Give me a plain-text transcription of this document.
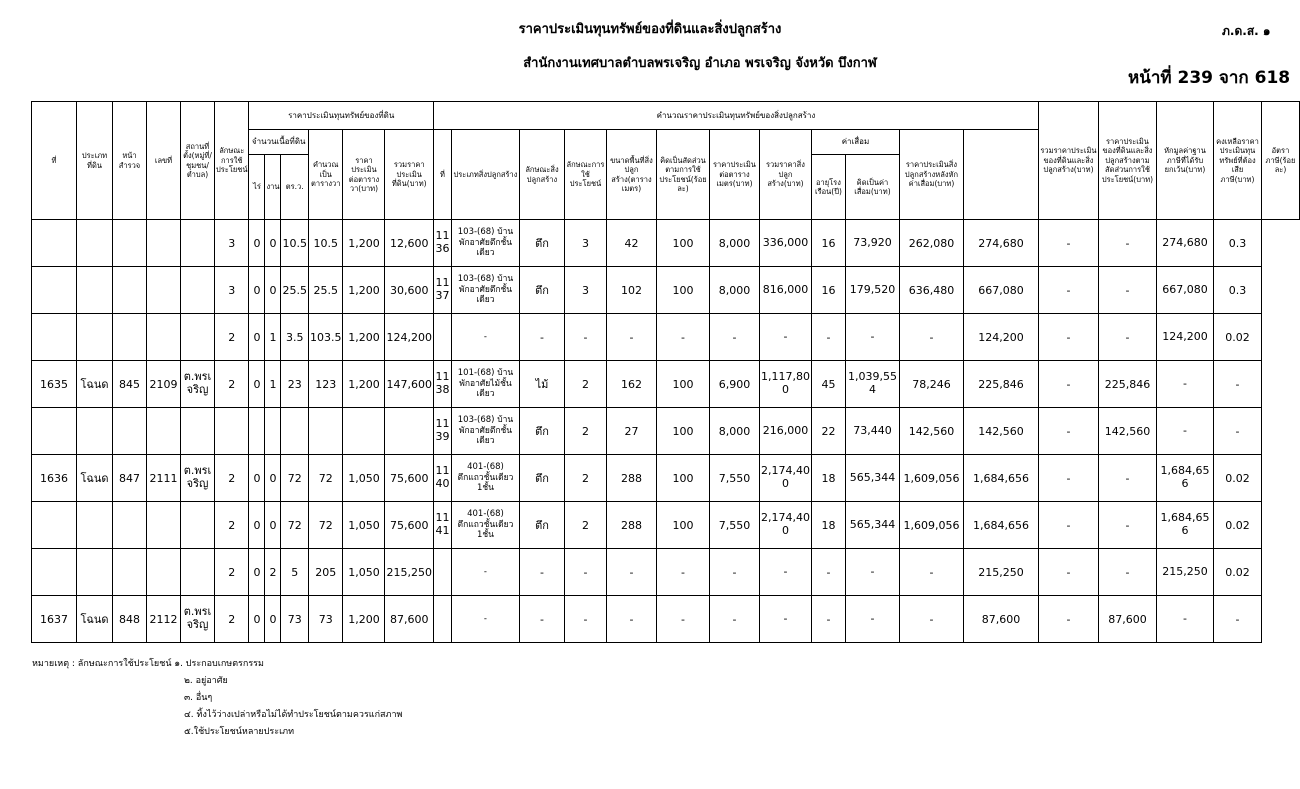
ราคาประเมินทุนทรัพย์ของที่ดินและสิ่งปลูกสร้าง
สำนักงานเทศบาลตำบลพรเจริญ อำเภอ พรเจริญ จังหวัด บึงกาฬ
ภ.ด.ส. ๑
หน้าที่ 239 จาก 618
ที่	ประเภทที่ดิน	หน้าสำรวจ	เลขที่	สถานที่ตั้ง(หมู่ที่/ชุมชน/ตำบล)	ลักษณะการใช้ประโยชน์	ราคาประเมินทุนทรัพย์ของที่ดิน						คำนวณราคาประเมินทุนทรัพย์ของสิ่งปลูกสร้าง												รวมราคาประเมินของที่ดินและสิ่งปลูกสร้าง(บาท)	ราคาประเมินของที่ดินและสิ่งปลูกสร้างตามสัดส่วนการใช้ประโยชน์(บาท)	หักมูลค่าฐานภาษีที่ได้รับยกเว้น(บาท)	คงเหลือราคาประเมินทุนทรัพย์ที่ต้องเสียภาษี(บาท)	อัตราภาษี(ร้อยละ)
						จำนวนเนื้อที่ดิน			คำนวณเป็นตารางวา	ราคาประเมินต่อตารางวา(บาท)	รวมราคาประเมินที่ดิน(บาท)	ที่	ประเภทสิ่งปลูกสร้าง	ลักษณะสิ่งปลูกสร้าง	ลักษณะการใช้ประโยชน์	ขนาดพื้นที่สิ่งปลูกสร้าง(ตารางเมตร)	คิดเป็นสัดส่วนตามการใช้ประโยชน์(ร้อยละ)	ราคาประเมินต่อตารางเมตร(บาท)	รวมราคาสิ่งปลูกสร้าง(บาท)	ค่าเสื่อม		ราคาประเมินสิ่งปลูกสร้างหลังหักค่าเสื่อม(บาท)						
						ไร่	งาน	ตร.ว.												อายุโรงเรือน(ปี)	คิดเป็นค่าเสื่อม(บาท)							
					3	0	0	10.5	10.5	1,200	12,600	1136	103-(68) บ้านพักอาศัยตึกชั้นเดียว	ตึก	3	42	100	8,000	336,000	16	73,920	262,080	274,680	-	-	274,680	0.3	
					3	0	0	25.5	25.5	1,200	30,600	1137	103-(68) บ้านพักอาศัยตึกชั้นเดียว	ตึก	3	102	100	8,000	816,000	16	179,520	636,480	667,080	-	-	667,080	0.3	
					2	0	1	3.5	103.5	1,200	124,200		-	-	-	-	-	-	-	-	-	-	124,200	-	-	124,200	0.02	
1635	โฉนด	845	2109	ต.พรเจริญ	2	0	1	23	123	1,200	147,600	1138	101-(68) บ้านพักอาศัยไม้ชั้นเดียว	ไม้	2	162	100	6,900	1,117,800	45	1,039,554	78,246	225,846	-	225,846	-	-	
												1139	103-(68) บ้านพักอาศัยตึกชั้นเดียว	ตึก	2	27	100	8,000	216,000	22	73,440	142,560	142,560	-	142,560	-	-	
1636	โฉนด	847	2111	ต.พรเจริญ	2	0	0	72	72	1,050	75,600	1140	401-(68) ตึกแถวชั้นเดียว 1ชั้น	ตึก	2	288	100	7,550	2,174,400	18	565,344	1,609,056	1,684,656	-	-	1,684,656	0.02	
					2	0	0	72	72	1,050	75,600	1141	401-(68) ตึกแถวชั้นเดียว 1ชั้น	ตึก	2	288	100	7,550	2,174,400	18	565,344	1,609,056	1,684,656	-	-	1,684,656	0.02	
					2	0	2	5	205	1,050	215,250		-	-	-	-	-	-	-	-	-	-	215,250	-	-	215,250	0.02	
1637	โฉนด	848	2112	ต.พรเจริญ	2	0	0	73	73	1,200	87,600		-	-	-	-	-	-	-	-	-	-	87,600	-	87,600	-	-	
หมายเหตุ : ลักษณะการใช้ประโยชน์ ๑. ประกอบเกษตรกรรม
๒. อยู่อาศัย
๓. อื่นๆ
๔. ทิ้งไว้ว่างเปล่าหรือไม่ได้ทำประโยชน์ตามควรแก่สภาพ
๕.ใช้ประโยชน์หลายประเภท
